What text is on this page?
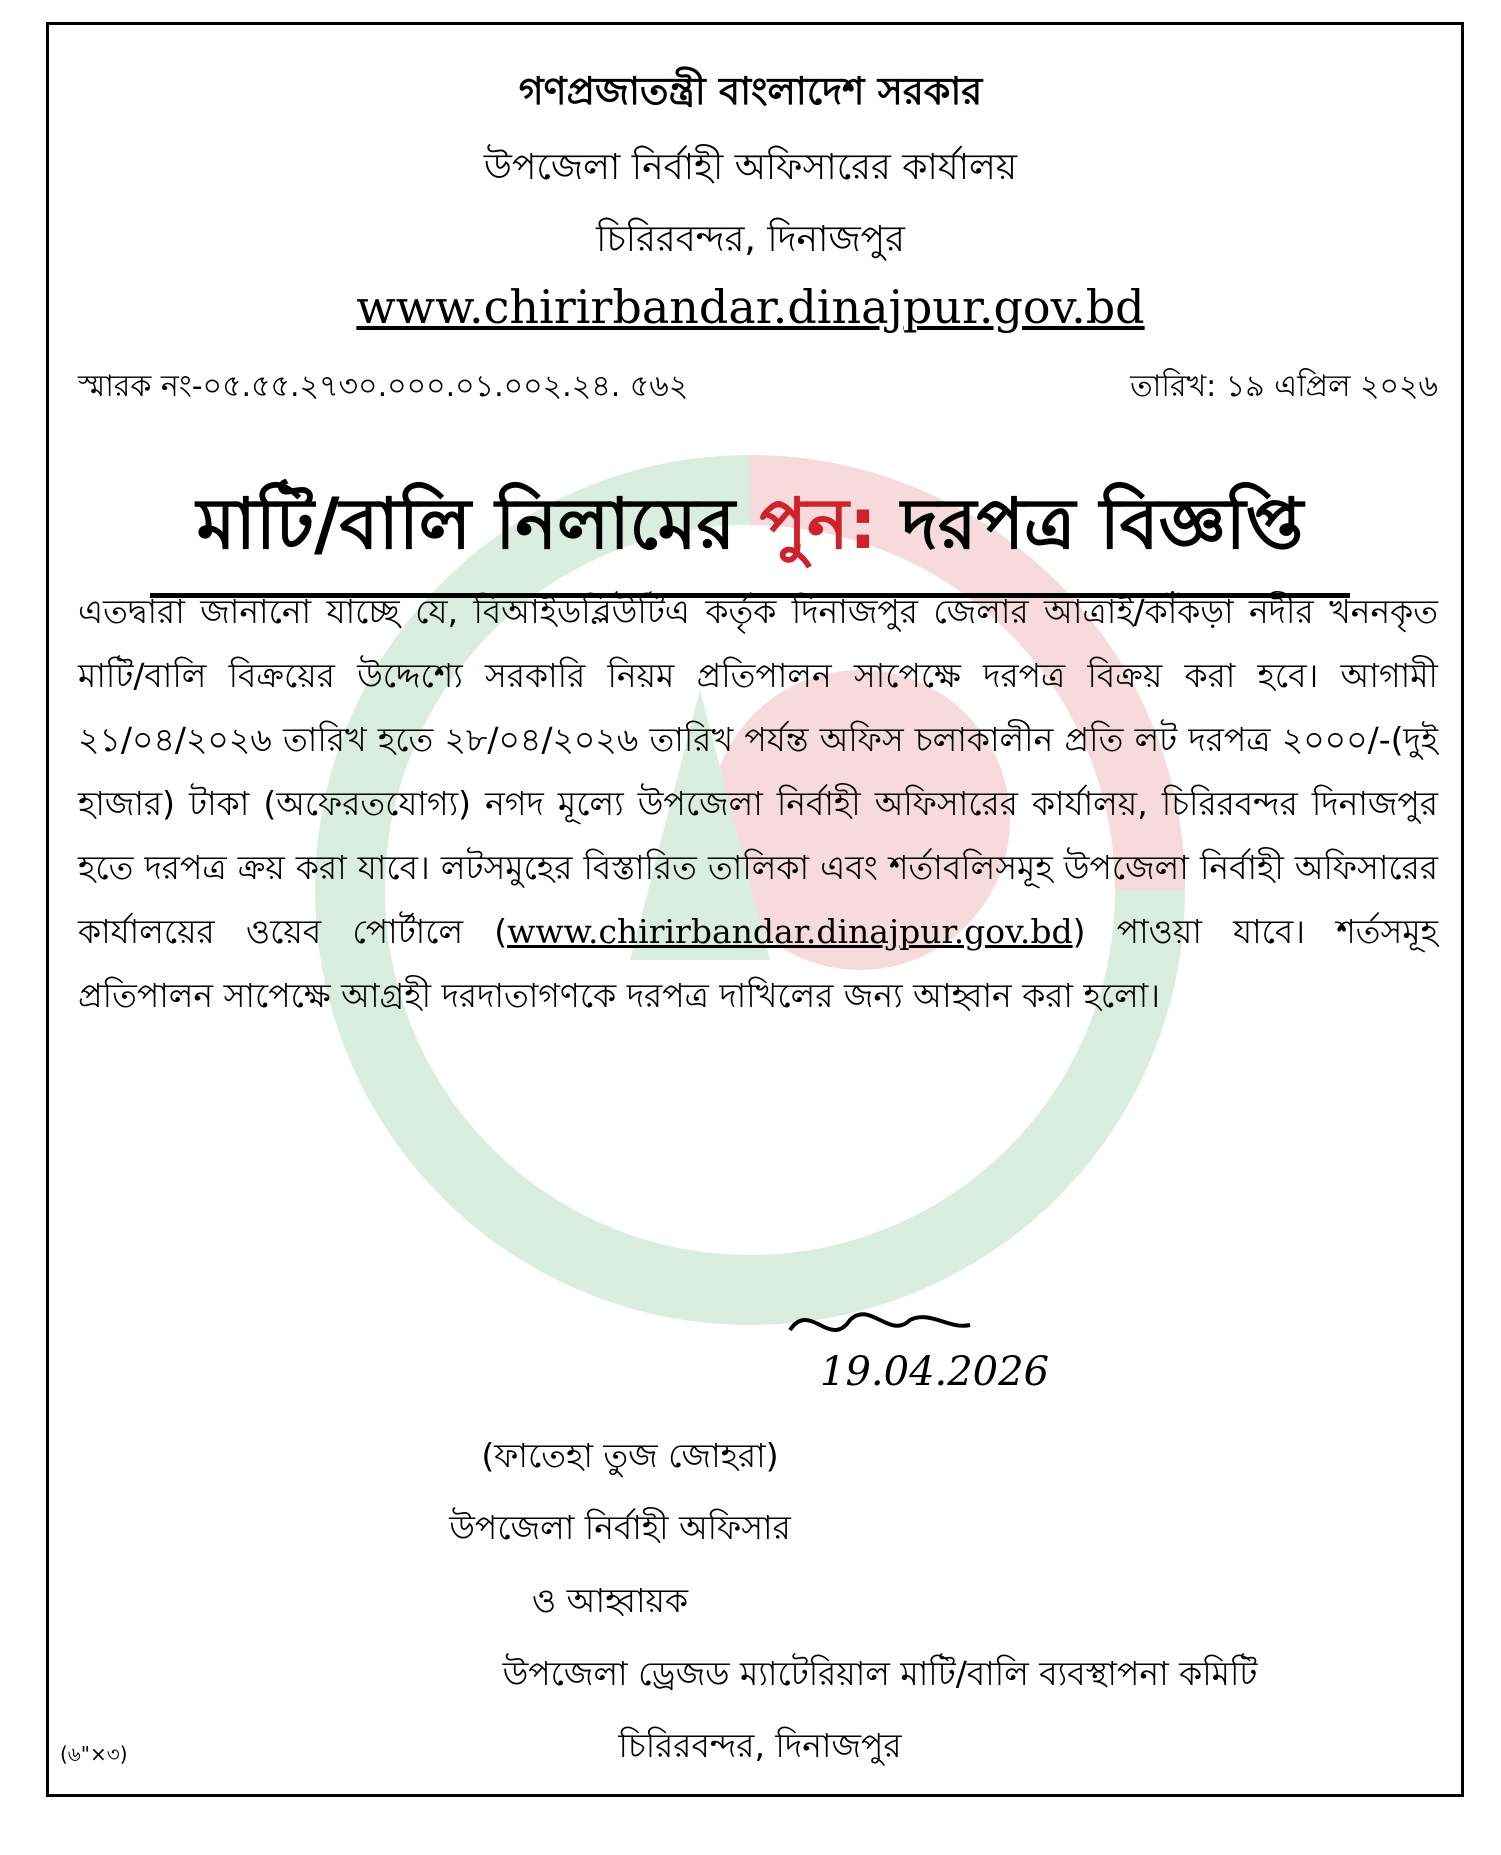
গণপ্রজাতন্ত্রী বাংলাদেশ সরকার
উপজেলা নির্বাহী অফিসারের কার্যালয়
চিরিরবন্দর, দিনাজপুর
www.chirirbandar.dinajpur.gov.bd
স্মারক নং-০৫.৫৫.২৭৩০.০০০.০১.০০২.২৪. ৫৬২	তারিখ: ১৯ এপ্রিল ২০২৬
মাটি/বালি নিলামের পুন: দরপত্র বিজ্ঞপ্তি
এতদ্বারা জানানো যাচ্ছে যে, বিআইডব্লিউটিএ কর্তৃক দিনাজপুর জেলার আত্রাই/কাঁকড়া নদীর খননকৃত মাটি/বালি বিক্রয়ের উদ্দেশ্যে সরকারি নিয়ম প্রতিপালন সাপেক্ষে দরপত্র বিক্রয় করা হবে। আগামী ২১/০৪/২০২৬ তারিখ হতে ২৮/০৪/২০২৬ তারিখ পর্যন্ত অফিস চলাকালীন প্রতি লট দরপত্র ২০০০/-(দুই হাজার) টাকা (অফেরতযোগ্য) নগদ মূল্যে উপজেলা নির্বাহী অফিসারের কার্যালয়, চিরিরবন্দর দিনাজপুর হতে দরপত্র ক্রয় করা যাবে। লটসমুহের বিস্তারিত তালিকা এবং শর্তাবলিসমূহ উপজেলা নির্বাহী অফিসারের কার্যালয়ের ওয়েব পোর্টালে (www.chirirbandar.dinajpur.gov.bd) পাওয়া যাবে। শর্তসমূহ প্রতিপালন সাপেক্ষে আগ্রহী দরদাতাগণকে দরপত্র দাখিলের জন্য আহ্বান করা হলো।
19.04.2026
(ফাতেহা তুজ জোহরা)
উপজেলা নির্বাহী অফিসার
ও আহ্বায়ক
উপজেলা ড্রেজড ম্যাটেরিয়াল মাটি/বালি ব্যবস্থাপনা কমিটি
চিরিরবন্দর, দিনাজপুর
(৬"×৩)
